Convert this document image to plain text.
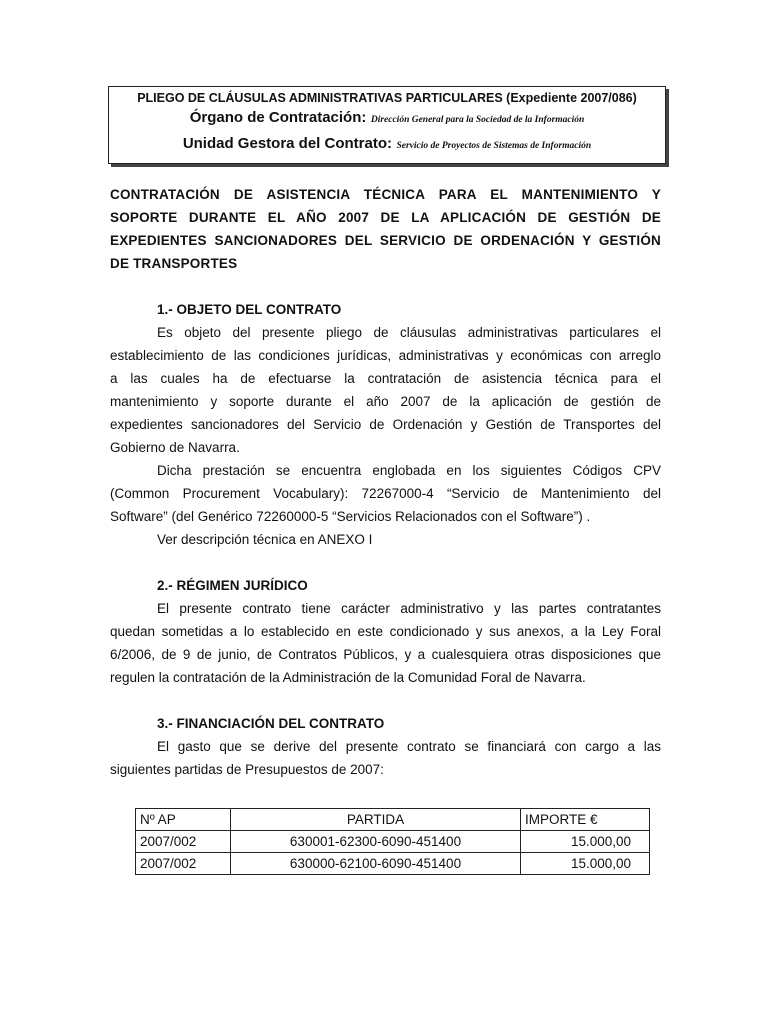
PLIEGO DE CLÁUSULAS ADMINISTRATIVAS PARTICULARES (Expediente 2007/086)
Órgano de Contratación: Dirección General para la Sociedad de la Información
Unidad Gestora del Contrato: Servicio de Proyectos de Sistemas de Información
CONTRATACIÓN DE ASISTENCIA TÉCNICA PARA EL MANTENIMIENTO Y
SOPORTE DURANTE EL AÑO 2007 DE LA APLICACIÓN DE GESTIÓN DE
EXPEDIENTES SANCIONADORES DEL SERVICIO DE ORDENACIÓN Y GESTIÓN
DE TRANSPORTES
1.- OBJETO DEL CONTRATO
Es objeto del presente pliego de cláusulas administrativas particulares el
establecimiento de las condiciones jurídicas, administrativas y económicas con arreglo
a las cuales ha de efectuarse la contratación de asistencia técnica para el
mantenimiento y soporte durante el año 2007 de la aplicación de gestión de
expedientes sancionadores del Servicio de Ordenación y Gestión de Transportes del
Gobierno de Navarra.
Dicha prestación se encuentra englobada en los siguientes Códigos CPV
(Common Procurement Vocabulary): 72267000-4 “Servicio de Mantenimiento del
Software” (del Genérico 72260000-5 “Servicios Relacionados con el Software”) .
Ver descripción técnica en ANEXO I
2.- RÉGIMEN JURÍDICO
El presente contrato tiene carácter administrativo y las partes contratantes
quedan sometidas a lo establecido en este condicionado y sus anexos, a la Ley Foral
6/2006, de 9 de junio, de Contratos Públicos, y a cualesquiera otras disposiciones que
regulen la contratación de la Administración de la Comunidad Foral de Navarra.
3.- FINANCIACIÓN DEL CONTRATO
El gasto que se derive del presente contrato se financiará con cargo a las
siguientes partidas de Presupuestos de 2007:
Nº AP	PARTIDA	IMPORTE €
2007/002	630001-62300-6090-451400	15.000,00
2007/002	630000-62100-6090-451400	15.000,00
